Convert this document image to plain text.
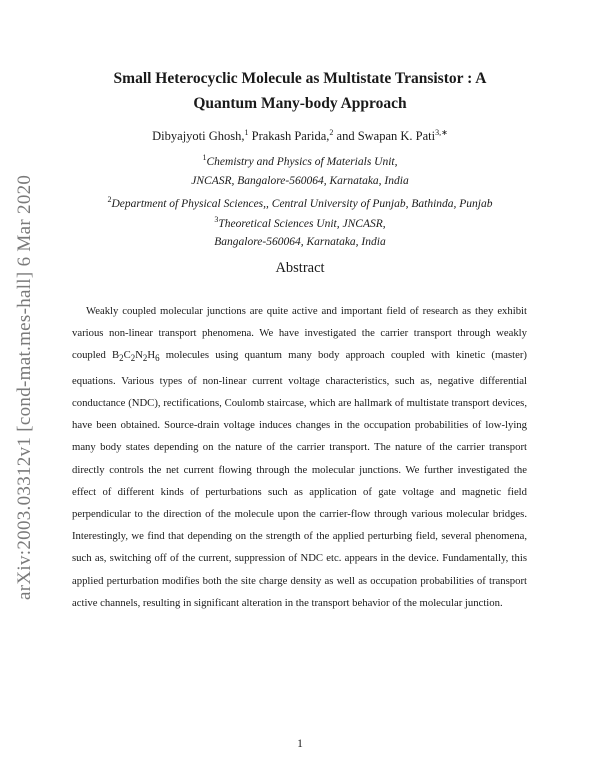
arXiv:2003.03312v1 [cond-mat.mes-hall] 6 Mar 2020
Small Heterocyclic Molecule as Multistate Transistor : A
Quantum Many-body Approach
Dibyajyoti Ghosh,$^1$ Prakash Parida,$^2$ and Swapan K. Pati$^{3,∗}$
$^1$Chemistry and Physics of Materials Unit,
JNCASR, Bangalore-560064, Karnataka, India
$^2$Department of Physical Sciences,, Central University of Punjab, Bathinda, Punjab
$^3$Theoretical Sciences Unit, JNCASR,
Bangalore-560064, Karnataka, India
Abstract

Weakly coupled molecular junctions are quite active and important field of research as they exhibit various non-linear transport phenomena. We have investigated the carrier transport through weakly coupled $B_2C_2N_2H_6$ molecules using quantum many body approach coupled with kinetic (master) equations. Various types of non-linear current voltage characteristics, such as, negative differential conductance (NDC), rectifications, Coulomb staircase, which are hallmark of multistate transport devices, have been obtained. Source-drain voltage induces changes in the occupation probabilities of low-lying many body states depending on the nature of the carrier transport. The nature of the carrier transport directly controls the net current flowing through the molecular junctions. We further investigated the effect of different kinds of perturbations such as application of gate voltage and magnetic field perpendicular to the direction of the molecule upon the carrier-flow through various molecular bridges. Interestingly, we find that depending on the strength of the applied perturbing field, several phenomena, such as, switching off of the current, suppression of NDC etc. appears in the device. Fundamentally, this applied perturbation modifies both the site charge density as well as occupation probabilities of transport active channels, resulting in significant alteration in the transport behavior of the molecular junction.

1
